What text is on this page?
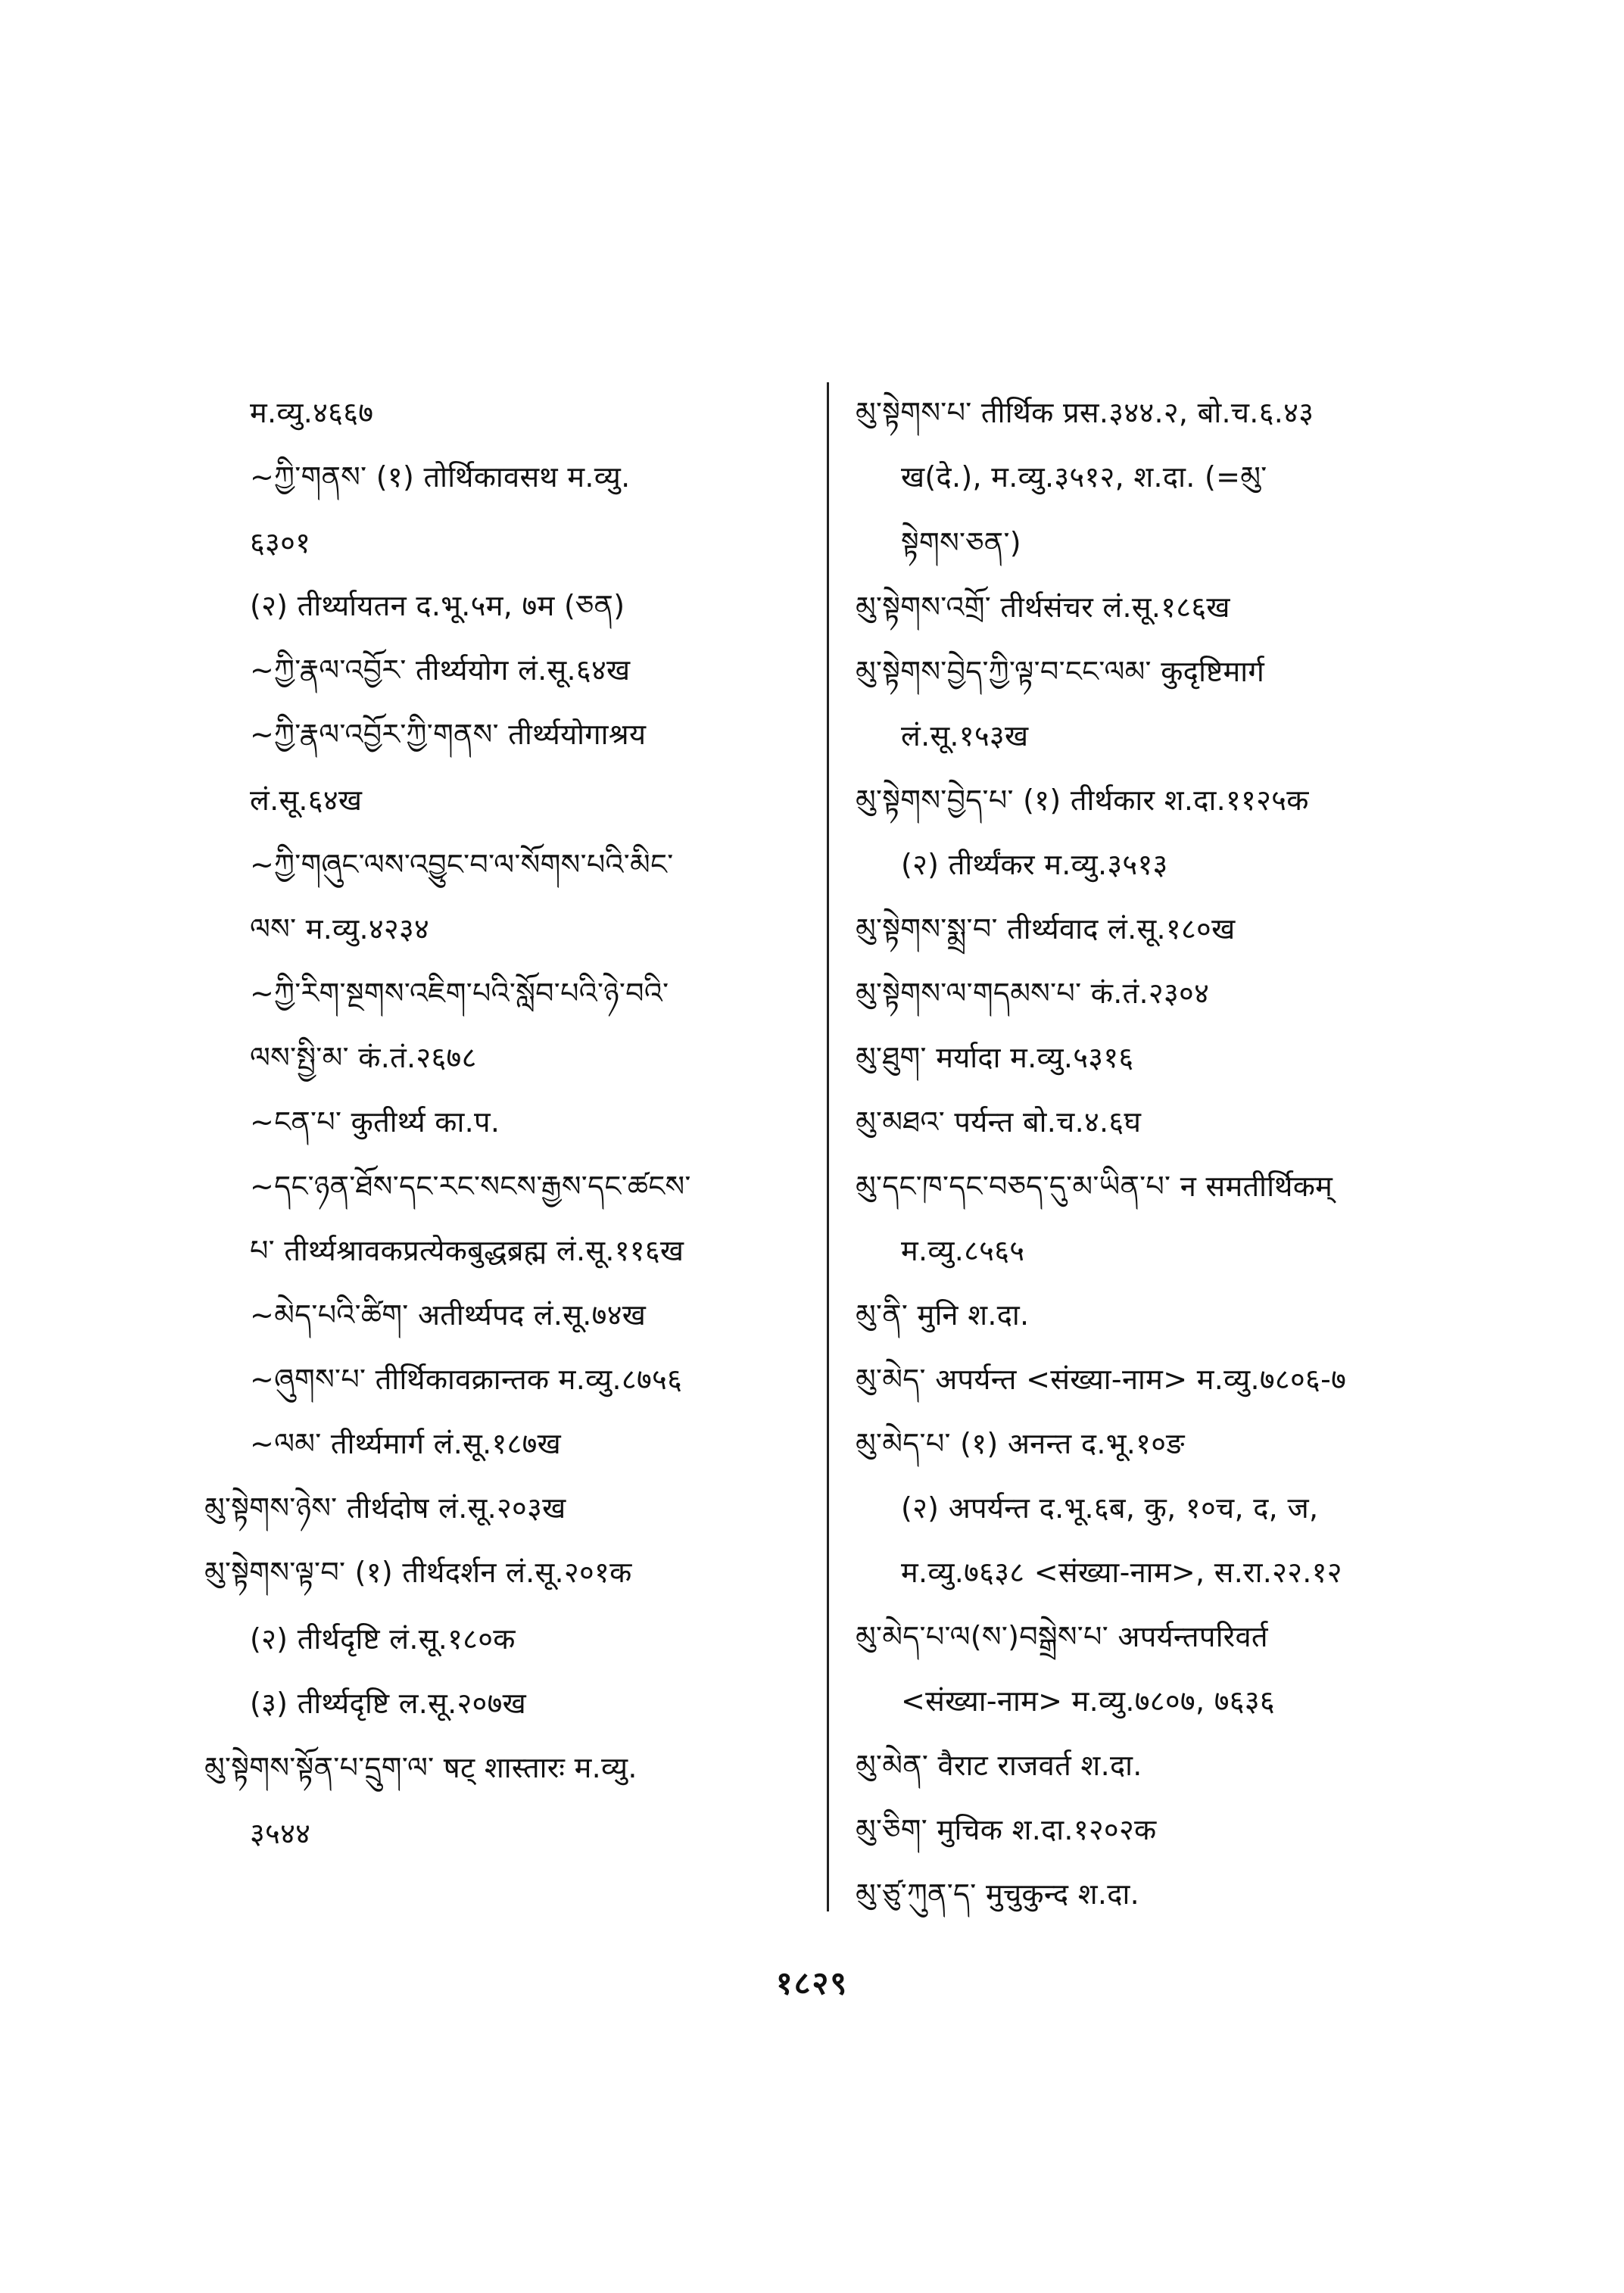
म.व्यु.४६६७
~ཀྱི་གནས་ (१) तोर्थिकावसथ म.व्यु.
६३०१
(२) तीर्थ्यायतन द.भू.५म, ७म (ཅན)
~ཀྱི་རྣལ་འབྱོར་ तीर्थ्ययोग लं.सू.६४ख
~ཀྱི་རྣལ་འབྱོར་ཀྱི་གནས་ तीर्थ्ययोगाश्रय
लं.सू.६४ख
~ཀྱི་གཞུང་ལས་འབྱུང་བ་ལ་སོགས་པའི་མིང་
ལས་ म.व्यु.४२३४
~ཀྱི་རིག་སྔགས་འཇིག་པའི་སློབ་པའི་ཉེ་བའི་
ལས་སྤྱི་མ་ कं.तं.२६७८
~ངན་པ་ कुतीर्थ्य का.प.
~དང་ཉན་ཐོས་དང་རང་སངས་རྒྱས་དང་ཚངས་
པ་ तीर्थ्यश्रावकप्रत्येकबुद्धब्रह्म लं.सू.११६ख
~མེད་པའི་ཚིག་ अतीर्थ्यपद लं.सू.७४ख
~ཞུགས་པ་ तीर्थिकावक्रान्तक म.व्यु.८७५६
~ལམ་ तीर्थ्यमार्ग लं.सू.१८७ख
མུ་སྟེགས་ཉེས་ तीर्थदोष लं.सू.२०३ख
མུ་སྟེགས་ལྟ་བ་ (१) तीर्थदर्शन लं.सू.२०१क
(२) तीर्थदृष्टि लं.सू.१८०क
(३) तीर्थ्यदृष्टि ल.सू.२०७ख
མུ་སྟེགས་སྟོན་པ་དྲུག་ལ་ षट् शास्तारः म.व्यु.
३५४४
མུ་སྟེགས་པ་ तीर्थिक प्रस.३४४.२, बो.च.६.४३
ख(दे.), म.व्यु.३५१२, श.दा. (=མུ་
སྟེགས་ཅན་)
མུ་སྟེགས་འགྲོ་ तीर्थसंचर लं.सू.१८६ख
མུ་སྟེགས་བྱེད་ཀྱི་ལྟ་བ་ངང་ལམ་ कुदृष्टिमार्ग
लं.सू.१५३ख
མུ་སྟེགས་བྱེད་པ་ (१) तीर्थकार श.दा.११२५क
(२) तीर्थ्यंकर म.व्यु.३५१३
མུ་སྟེགས་སྨྲ་བ་ तीर्थ्यवाद लं.सू.१८०ख
མུ་སྟེགས་ལ་གདམས་པ་ कं.तं.२३०४
མུ་ཐུག་ मर्यादा म.व्यु.५३१६
མུ་མཐའ་ पर्यन्त बो.च.४.६घ
མུ་དང་ཁ་དང་བཅད་དུ་མ་ཡིན་པ་ न समतीर्थिकम्
म.व्यु.८५६५
མུ་ནི་ मुनि श.दा.
མུ་མེད་ अपर्यन्त <संख्या-नाम> म.व्यु.७८०६-७
མུ་མེད་པ་ (१) अनन्त द.भू.१०ङ
(२) अपर्यन्त द.भू.६ब, कु, १०च, द, ज,
म.व्यु.७६३८ <संख्या-नाम>, स.रा.२२.१२
མུ་མེད་པ་ལ(ས་)བསྒྲེས་པ་ अपर्यन्तपरिवर्त
<संख्या-नाम> म.व्यु.७८०७, ७६३६
མུ་མེན་ वैराट राजवर्त श.दा.
མུ་ཅིག་ मुचिक श.दा.१२०२क
མུ་ཙུ་ཀུན་ད་ मुचुकुन्द श.दा.
१८२९
